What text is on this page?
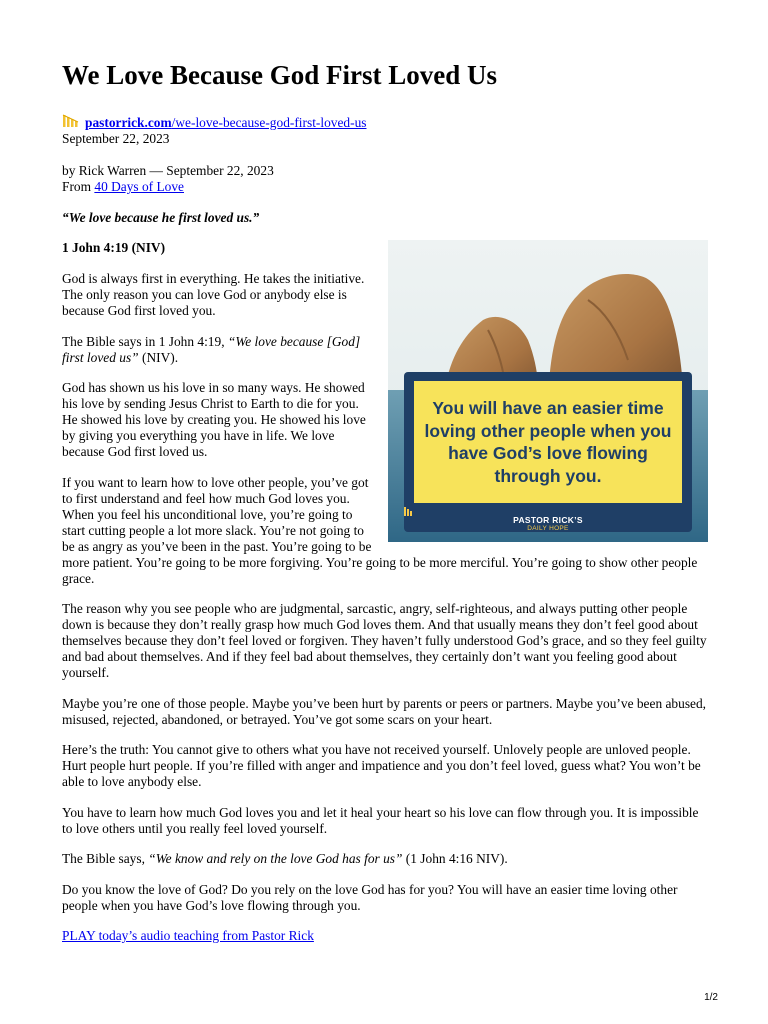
We Love Because God First Loved Us
pastorrick.com/we-love-because-god-first-loved-us
September 22, 2023
by Rick Warren — September 22, 2023
From 40 Days of Love

“We love because he first loved us.”

You will have an easier time loving other people when you have God’s love flowing through you.
PASTOR RICK’S
DAILY HOPE

1 John 4:19 (NIV)

God is always first in everything. He takes the initiative. The only reason you can love God or anybody else is because God first loved you.

The Bible says in 1 John 4:19, “We love because [God] first loved us” (NIV).

God has shown us his love in so many ways. He showed his love by sending Jesus Christ to Earth to die for you. He showed his love by creating you. He showed his love by giving you everything you have in life. We love because God first loved us.

If you want to learn how to love other people, you’ve got to first understand and feel how much God loves you. When you feel his unconditional love, you’re going to start cutting people a lot more slack. You’re not going to be as angry as you’ve been in the past. You’re going to be more patient. You’re going to be more forgiving. You’re going to be more merciful. You’re going to show other people grace.

The reason why you see people who are judgmental, sarcastic, angry, self-righteous, and always putting other people down is because they don’t really grasp how much God loves them. And that usually means they don’t feel good about themselves because they don’t feel loved or forgiven. They haven’t fully understood God’s grace, and so they feel guilty and bad about themselves. And if they feel bad about themselves, they certainly don’t want you feeling good about yourself.

Maybe you’re one of those people. Maybe you’ve been hurt by parents or peers or partners. Maybe you’ve been abused, misused, rejected, abandoned, or betrayed. You’ve got some scars on your heart.

Here’s the truth: You cannot give to others what you have not received yourself. Unlovely people are unloved people. Hurt people hurt people. If you’re filled with anger and impatience and you don’t feel loved, guess what? You won’t be able to love anybody else.

You have to learn how much God loves you and let it heal your heart so his love can flow through you. It is impossible to love others until you really feel loved yourself.

The Bible says, “We know and rely on the love God has for us” (1 John 4:16 NIV).

Do you know the love of God? Do you rely on the love God has for you? You will have an easier time loving other people when you have God’s love flowing through you.

PLAY today’s audio teaching from Pastor Rick

1/2
